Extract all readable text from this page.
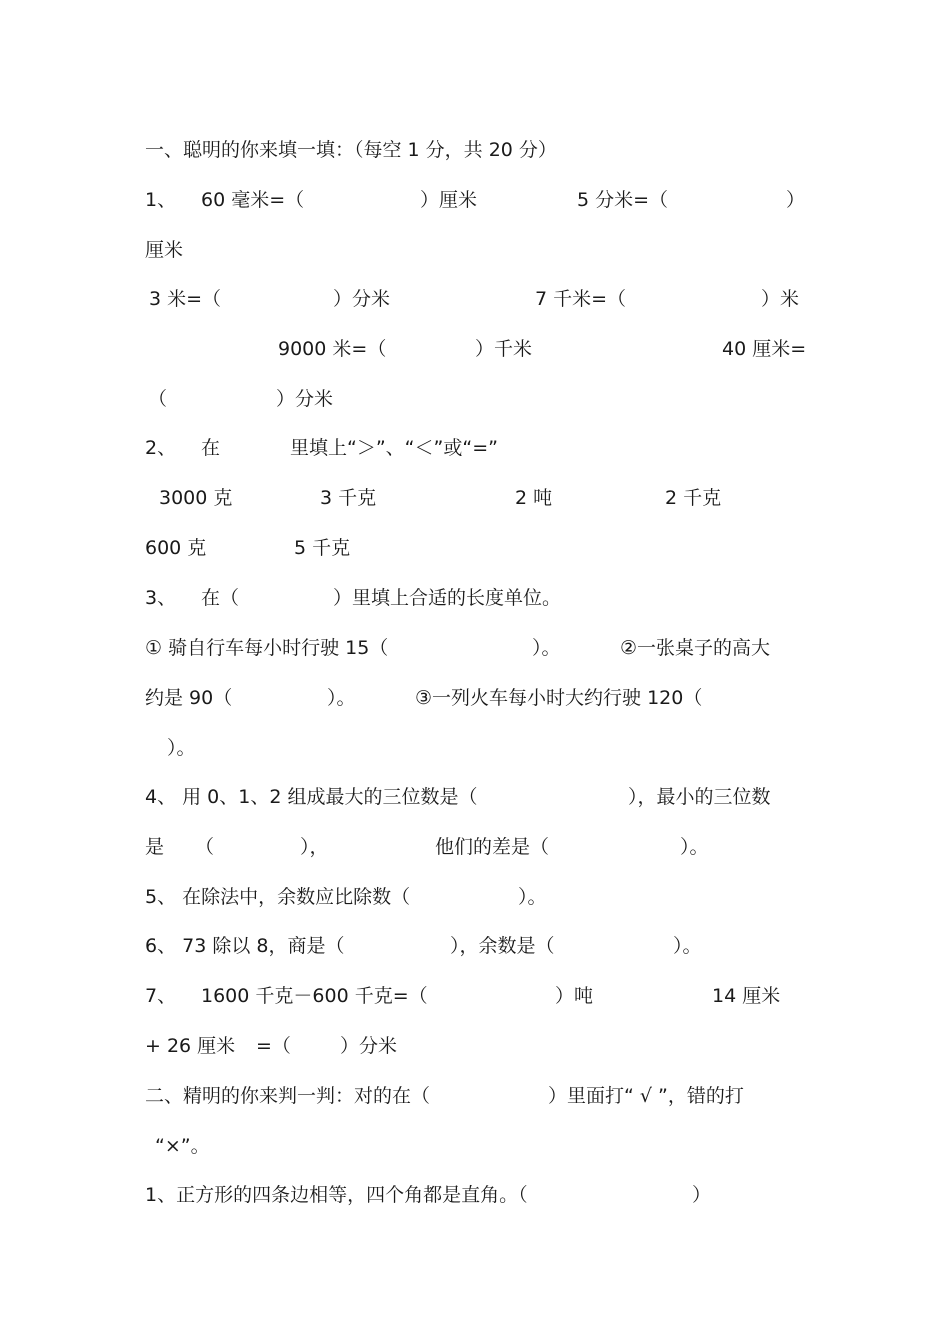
一、聪明的你来填一填：（每空 1 分，共 20 分）

1、

60 毫米=（

	）厘米

	5 分米=（

	）

厘米

3 米=（

	）分米

	7 千米=（

	）米

9000 米=（

	）千米

	40 厘米=

（

	）分米

2、

在

	里填上“＞”、“＜”或“=”

3000 克

	3 千克

	2 吨

	2 千克

600 克

	5 千克

3、

在（

	）里填上合适的长度单位。

① 骑自行车每小时行驶 15（

	）。

	②一张桌子的高大

约是 90（

	）。

	③一列火车每小时大约行驶 120（

）。

4、 用 0、1、2 组成最大的三位数是（

	），最小的三位数

是

（

	），

	他们的差是（

	）。

5、 在除法中，余数应比除数（

	）。

6、 73 除以 8，商是（

	），余数是（

	）。

7、

1600 千克－600 千克=（

	）吨

	14 厘米

+ 26 厘米

=（

	）分米

二、精明的你来判一判：对的在（

	）里面打“ √ ”，错的打

“×”。

1、正方形的四条边相等，四个角都是直角。（

	）
